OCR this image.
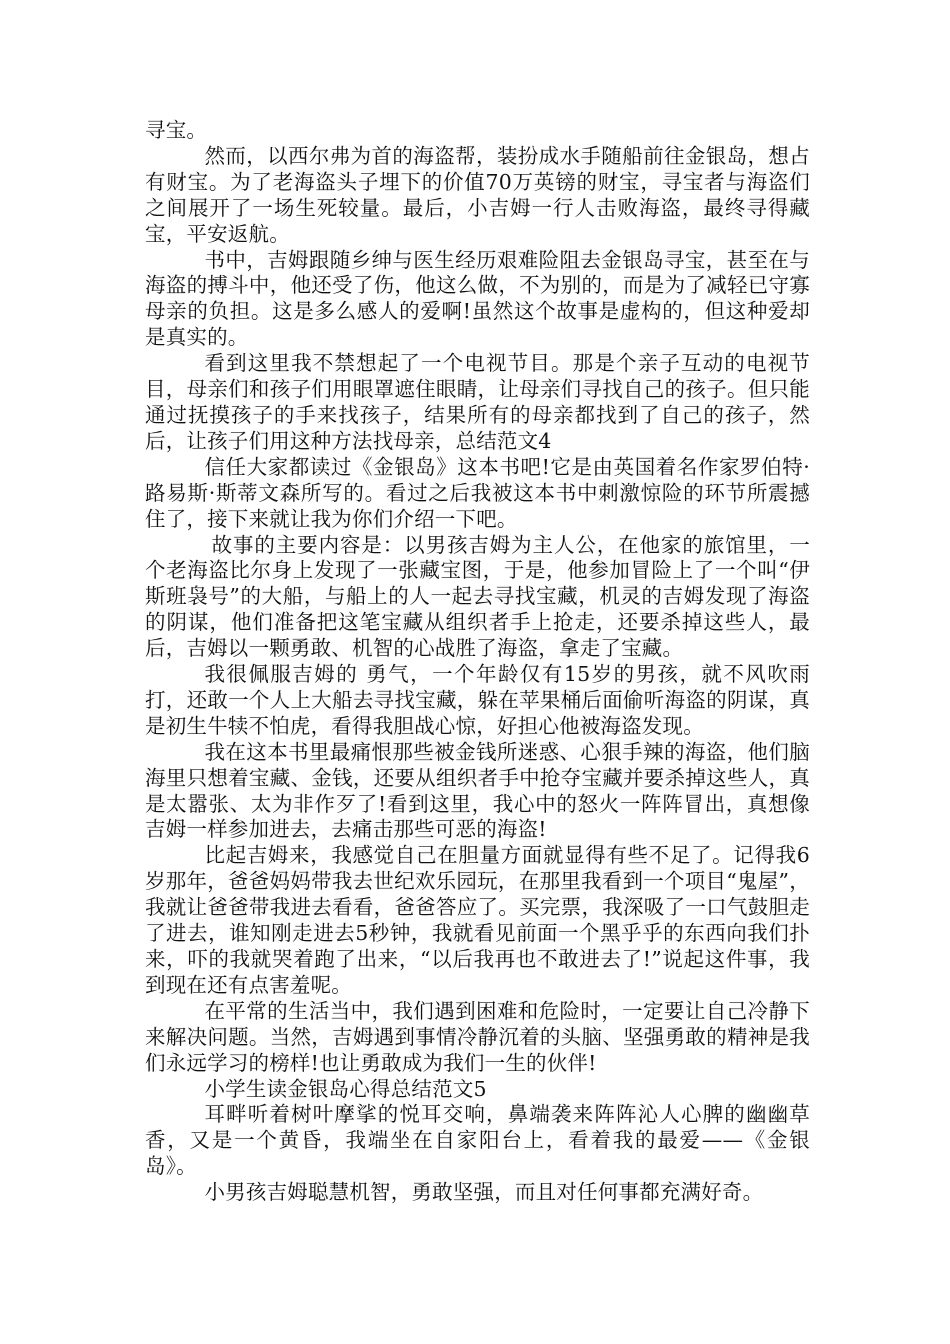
寻宝。

然而，以西尔弗为首的海盗帮，装扮成水手随船前往金银岛，想占有财宝。为了老海盗头子埋下的价值70万英镑的财宝，寻宝者与海盗们之间展开了一场生死较量。最后，小吉姆一行人击败海盗，最终寻得藏宝，平安返航。

书中，吉姆跟随乡绅与医生经历艰难险阻去金银岛寻宝，甚至在与海盗的搏斗中，他还受了伤，他这么做，不为别的，而是为了减轻已守寡母亲的负担。这是多么感人的爱啊!虽然这个故事是虚构的，但这种爱却是真实的。

看到这里我不禁想起了一个电视节目。那是个亲子互动的电视节目，母亲们和孩子们用眼罩遮住眼睛，让母亲们寻找自己的孩子。但只能通过抚摸孩子的手来找孩子，结果所有的母亲都找到了自己的孩子，然后，让孩子们用这种方法找母亲，总结范文4

信任大家都读过《金银岛》这本书吧!它是由英国着名作家罗伯特·路易斯·斯蒂文森所写的。看过之后我被这本书中刺激惊险的环节所震撼住了，接下来就让我为你们介绍一下吧。

故事的主要内容是：以男孩吉姆为主人公，在他家的旅馆里，一个老海盗比尔身上发现了一张藏宝图，于是，他参加冒险上了一个叫“伊斯班袅号”的大船，与船上的人一起去寻找宝藏，机灵的吉姆发现了海盗的阴谋，他们准备把这笔宝藏从组织者手上抢走，还要杀掉这些人，最后，吉姆以一颗勇敢、机智的心战胜了海盗，拿走了宝藏。

我很佩服吉姆的 勇气，一个年龄仅有15岁的男孩，就不风吹雨打，还敢一个人上大船去寻找宝藏，躲在苹果桶后面偷听海盗的阴谋，真是初生牛犊不怕虎，看得我胆战心惊，好担心他被海盗发现。

我在这本书里最痛恨那些被金钱所迷惑、心狠手辣的海盗，他们脑海里只想着宝藏、金钱，还要从组织者手中抢夺宝藏并要杀掉这些人，真是太嚣张、太为非作歹了!看到这里，我心中的怒火一阵阵冒出，真想像吉姆一样参加进去，去痛击那些可恶的海盗!

比起吉姆来，我感觉自己在胆量方面就显得有些不足了。记得我6岁那年，爸爸妈妈带我去世纪欢乐园玩，在那里我看到一个项目“鬼屋”，我就让爸爸带我进去看看，爸爸答应了。买完票，我深吸了一口气鼓胆走了进去，谁知刚走进去5秒钟，我就看见前面一个黑乎乎的东西向我们扑来，吓的我就哭着跑了出来，“以后我再也不敢进去了!”说起这件事，我到现在还有点害羞呢。

在平常的生活当中，我们遇到困难和危险时，一定要让自己冷静下来解决问题。当然，吉姆遇到事情冷静沉着的头脑、坚强勇敢的精神是我们永远学习的榜样!也让勇敢成为我们一生的伙伴!

小学生读金银岛心得总结范文5

耳畔听着树叶摩挲的悦耳交响，鼻端袭来阵阵沁人心脾的幽幽草香，又是一个黄昏，我端坐在自家阳台上，看着我的最爱——《金银岛》。

小男孩吉姆聪慧机智，勇敢坚强，而且对任何事都充满好奇。
